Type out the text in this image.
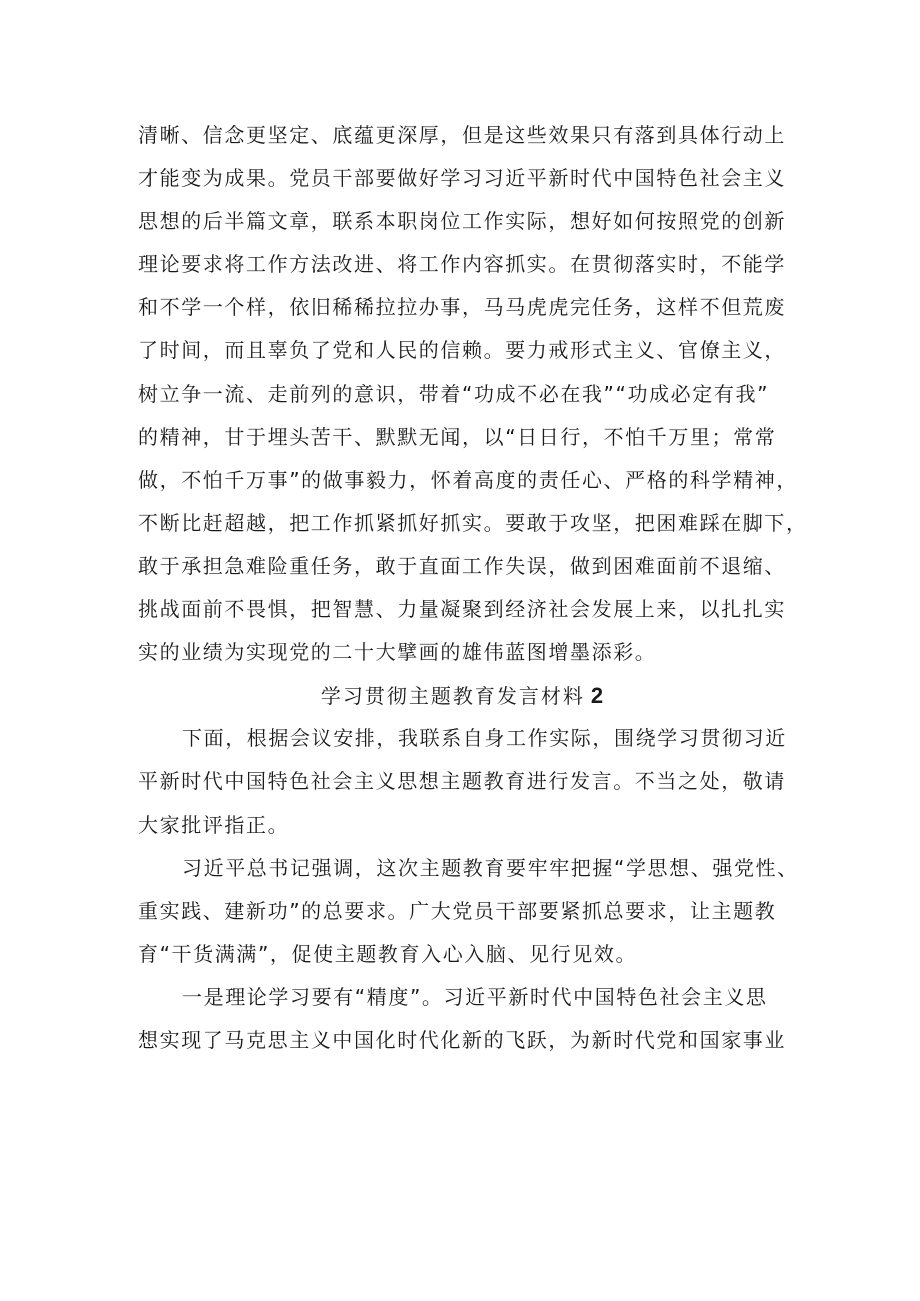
清晰、信念更坚定、底蕴更深厚，但是这些效果只有落到具体行动上
才能变为成果。党员干部要做好学习习近平新时代中国特色社会主义
思想的后半篇文章，联系本职岗位工作实际，想好如何按照党的创新
理论要求将工作方法改进、将工作内容抓实。在贯彻落实时，不能学
和不学一个样，依旧稀稀拉拉办事，马马虎虎完任务，这样不但荒废
了时间，而且辜负了党和人民的信赖。要力戒形式主义、官僚主义，
树立争一流、走前列的意识，带着“功成不必在我”“功成必定有我”
的精神，甘于埋头苦干、默默无闻，以“日日行，不怕千万里；常常
做，不怕千万事”的做事毅力，怀着高度的责任心、严格的科学精神，
不断比赶超越，把工作抓紧抓好抓实。要敢于攻坚，把困难踩在脚下，
敢于承担急难险重任务，敢于直面工作失误，做到困难面前不退缩、
挑战面前不畏惧，把智慧、力量凝聚到经济社会发展上来，以扎扎实
实的业绩为实现党的二十大擘画的雄伟蓝图增墨添彩。
学习贯彻主题教育发言材料 2
下面，根据会议安排，我联系自身工作实际，围绕学习贯彻习近
平新时代中国特色社会主义思想主题教育进行发言。不当之处，敬请
大家批评指正。
习近平总书记强调，这次主题教育要牢牢把握“学思想、强党性、
重实践、建新功”的总要求。广大党员干部要紧抓总要求，让主题教
育“干货满满”，促使主题教育入心入脑、见行见效。
一是理论学习要有“精度”。习近平新时代中国特色社会主义思
想实现了马克思主义中国化时代化新的飞跃，为新时代党和国家事业
